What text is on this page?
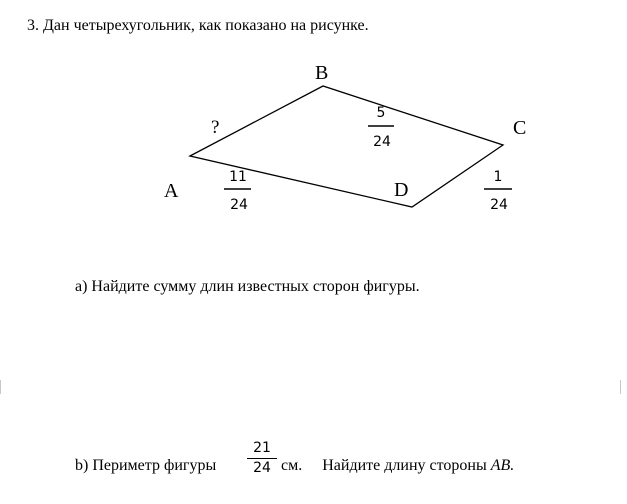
3. Дан четырехугольник, как показано на рисунке.
B
C
A	D
?
5
24
11
24
1
24
a) Найдите сумму длин известных сторон фигуры.
b) Периметр фигуры
21
24 см. Найдите длину стороны AB.
